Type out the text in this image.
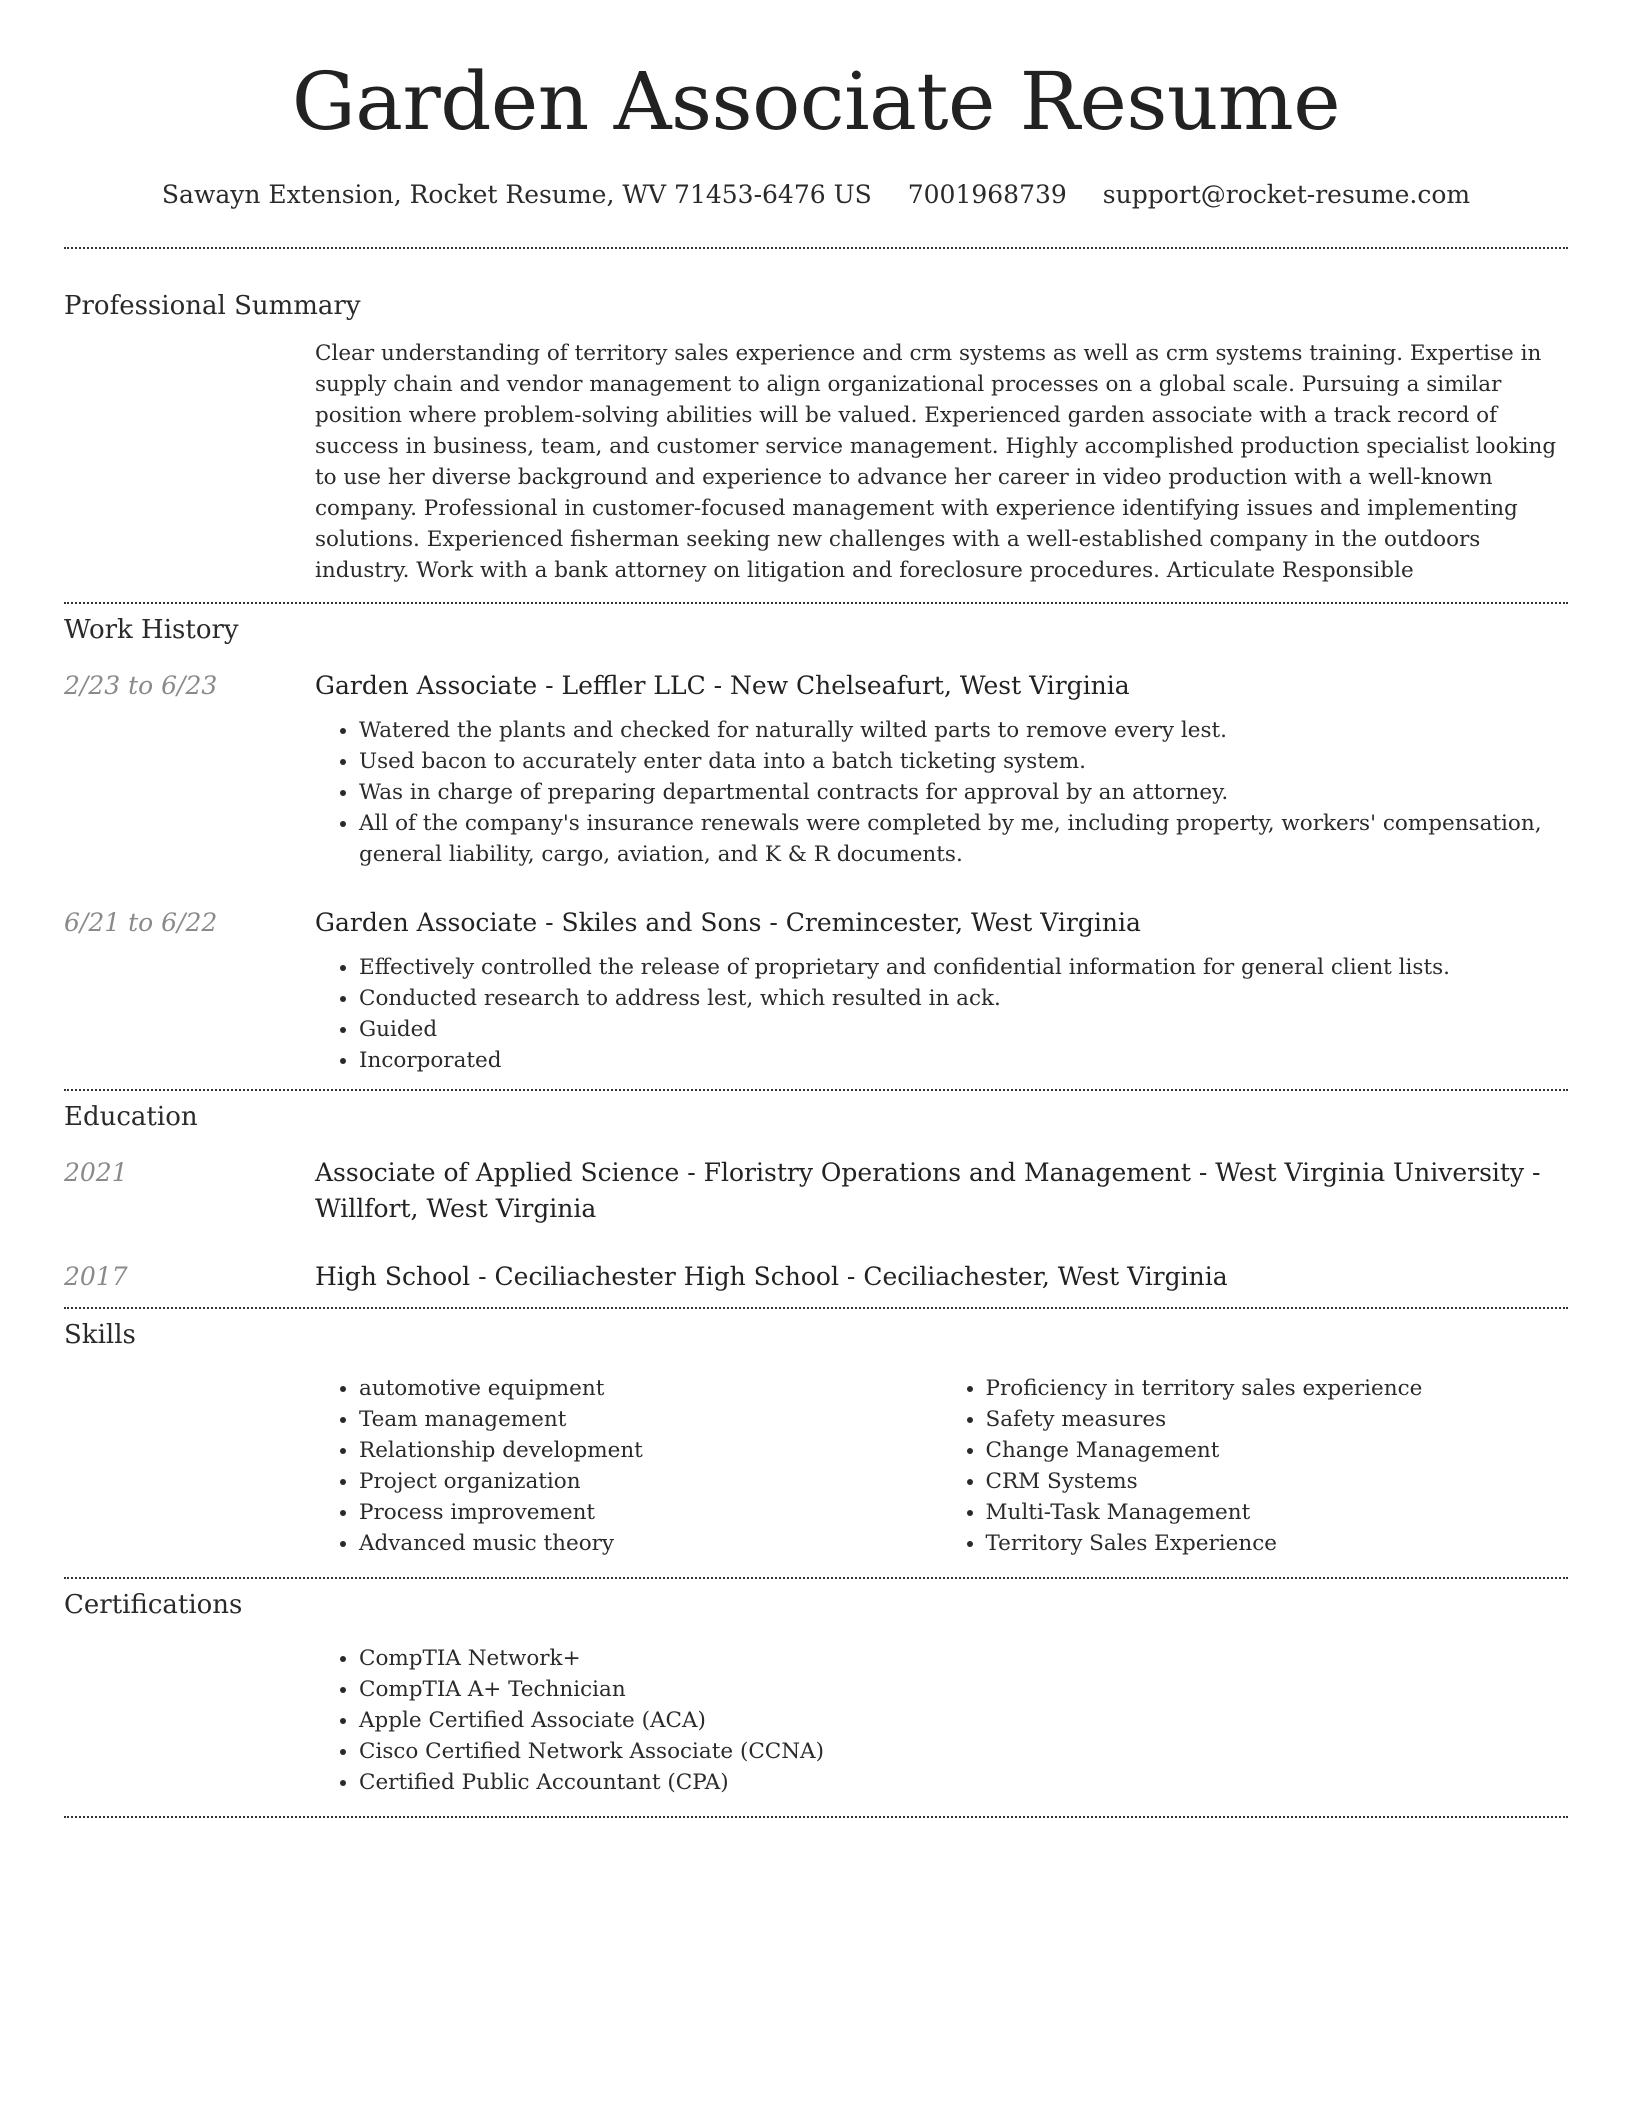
Garden Associate Resume
Sawayn Extension, Rocket Resume, WV 71453-6476 US 7001968739 support@rocket-resume.com
Professional Summary
Clear understanding of territory sales experience and crm systems as well as crm systems training. Expertise in supply chain and vendor management to align organizational processes on a global scale. Pursuing a similar position where problem-solving abilities will be valued. Experienced garden associate with a track record of success in business, team, and customer service management. Highly accomplished production specialist looking to use her diverse background and experience to advance her career in video production with a well-known company. Professional in customer-focused management with experience identifying issues and implementing solutions. Experienced fisherman seeking new challenges with a well-established company in the outdoors industry. Work with a bank attorney on litigation and foreclosure procedures. Articulate Responsible
Work History
2/23 to 6/23	Garden Associate - Leffler LLC - New Chelseafurt, West Virginia
• Watered the plants and checked for naturally wilted parts to remove every lest.
• Used bacon to accurately enter data into a batch ticketing system.
• Was in charge of preparing departmental contracts for approval by an attorney.
• All of the company's insurance renewals were completed by me, including property, workers' compensation, general liability, cargo, aviation, and K & R documents.
6/21 to 6/22	Garden Associate - Skiles and Sons - Cremincester, West Virginia
• Effectively controlled the release of proprietary and confidential information for general client lists.
• Conducted research to address lest, which resulted in ack.
• Guided
• Incorporated
Education
2021	Associate of Applied Science - Floristry Operations and Management - West Virginia University - Willfort, West Virginia
2017	High School - Ceciliachester High School - Ceciliachester, West Virginia
Skills
• automotive equipment
• Team management
• Relationship development
• Project organization
• Process improvement
• Advanced music theory
• Proficiency in territory sales experience
• Safety measures
• Change Management
• CRM Systems
• Multi-Task Management
• Territory Sales Experience
Certifications
• CompTIA Network+
• CompTIA A+ Technician
• Apple Certified Associate (ACA)
• Cisco Certified Network Associate (CCNA)
• Certified Public Accountant (CPA)
